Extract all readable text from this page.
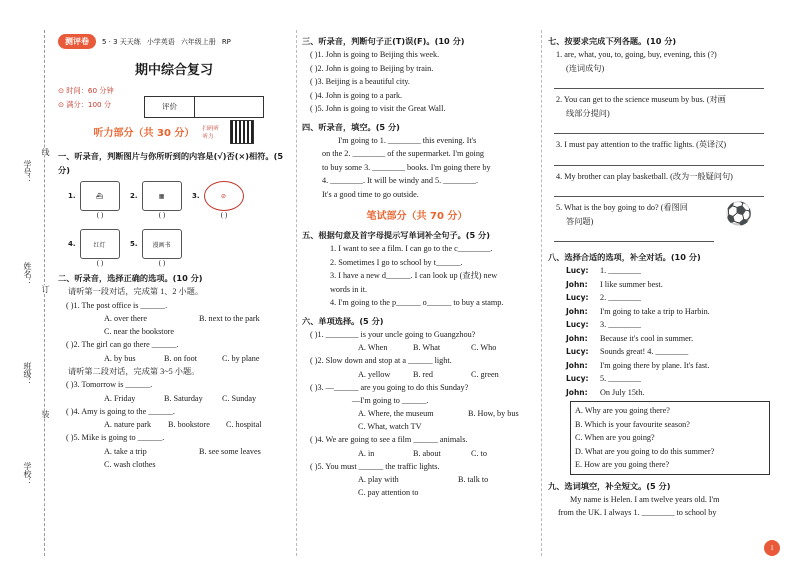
学号：
姓名：
班级：
学校：
线
订
装
测评卷	5 · 3 天天练 小学英语 六年级上册 RP
期中综合复习
⊙ 时间：60 分钟
⊙ 满分：100 分	评价
听力部分（共 30 分） 扫码听听力
一、听录音，判断图片与你所听到的内容是(√)否(×)相符。(5 分)
1.	⛴
( )
2.	▦
( )
3.	⊘
( )
4.	红灯
( )
5. 漫画书
( )
二、听录音，选择正确的选项。(10 分)
请听第一段对话，完成第 1、2 小题。
( )1. The post office is ______.
A. over there	B. next to the park
C. near the bookstore
( )2. The girl can go there ______.
A. by bus	B. on foot	C. by plane
请听第二段对话，完成第 3~5 小题。
( )3. Tomorrow is ______.
A. Friday	B. Saturday	C. Sunday
( )4. Amy is going to the ______.
A. nature park	B. bookstore	C. hospital
( )5. Mike is going to ______.
A. take a trip	B. see some leaves
C. wash clothes
三、听录音，判断句子正(T)误(F)。(10 分)
( )1. John is going to Beijing this week.
( )2. John is going to Beijing by train.
( )3. Beijing is a beautiful city.
( )4. John is going to a park.
( )5. John is going to visit the Great Wall.
四、听录音，填空。(5 分)
I'm going to 1. ________ this evening. It's
on the 2. ________ of the supermarket. I'm going
to buy some 3. ________ books. I'm going there by
4. ________. It will be windy and 5. ________.
It's a good time to go outside.
笔试部分（共 70 分）
五、根据句意及首字母提示写单词补全句子。(5 分)
1. I want to see a film. I can go to the c________.
2. Sometimes I go to school by t______.
3. I have a new d______. I can look up (查找) new
words in it.
4. I'm going to the p______ o______ to buy a stamp.
六、单项选择。(5 分)
( )1. ________ is your uncle going to Guangzhou?
A. When	B. What	C. Who
( )2. Slow down and stop at a ______ light.
A. yellow	B. red	C. green
( )3. —______ are you going to do this Sunday?
—I'm going to ______.
A. Where, the museum	B. How, by bus
C. What, watch TV
( )4. We are going to see a film ______ animals.
A. in	B. about	C. to
( )5. You must ______ the traffic lights.
A. play with	B. talk to
C. pay attention to
七、按要求完成下列各题。(10 分)
1. are, what, you, to, going, buy, evening, this (?)
(连词成句)
2. You can get to the science museum by bus. (对画
线部分提问)
3. I must pay attention to the traffic lights. (英译汉)
4. My brother can play basketball. (改为一般疑问句)
5. What is the boy going to do? (看图回
答问题)	⚽
八、选择合适的选项，补全对话。(10 分)
Lucy: 1. ________
John: I like summer best.
Lucy: 2. ________
John: I'm going to take a trip to Harbin.
Lucy: 3. ________
John: Because it's cool in summer.
Lucy: Sounds great! 4. ________
John: I'm going there by plane. It's fast.
Lucy: 5. ________
John: On July 15th.
A. Why are you going there?
B. Which is your favourite season?
C. When are you going?
D. What are you going to do this summer?
E. How are you going there?
九、选词填空，补全短文。(5 分)
My name is Helen. I am twelve years old. I'm
from the UK. I always 1. ________ to school by
1
